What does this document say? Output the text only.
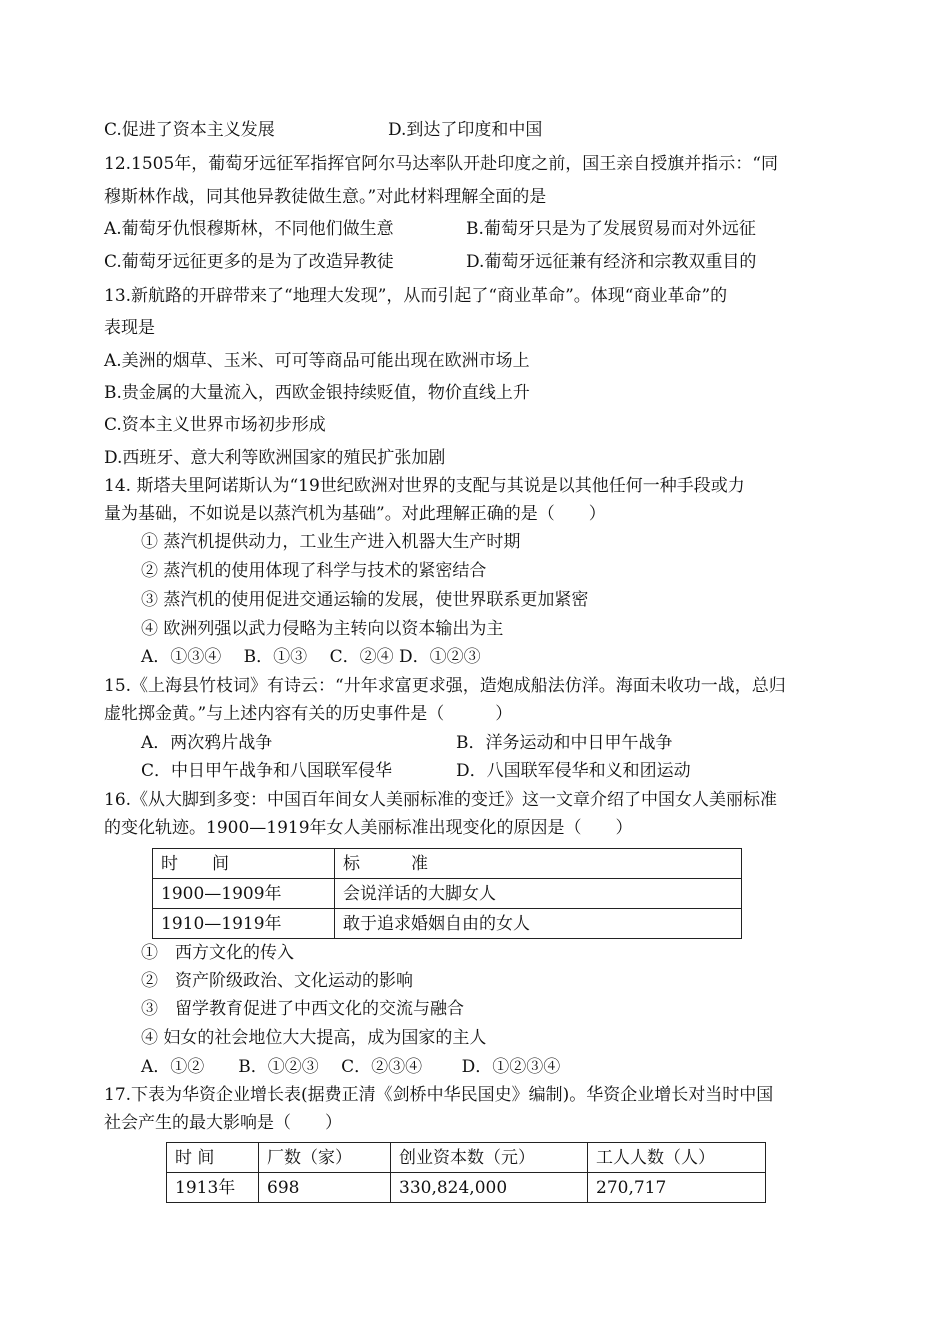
C.促进了资本主义发展	D.到达了印度和中国
12.1505年，葡萄牙远征军指挥官阿尔马达率队开赴印度之前，国王亲自授旗并指示：“同
穆斯林作战，同其他异教徒做生意。”对此材料理解全面的是
A.葡萄牙仇恨穆斯林，不同他们做生意	B.葡萄牙只是为了发展贸易而对外远征
C.葡萄牙远征更多的是为了改造异教徒	D.葡萄牙远征兼有经济和宗教双重目的
13.新航路的开辟带来了“地理大发现”，从而引起了“商业革命”。体现“商业革命”的
表现是
A.美洲的烟草、玉米、可可等商品可能出现在欧洲市场上
B.贵金属的大量流入，西欧金银持续贬值，物价直线上升
C.资本主义世界市场初步形成
D.西班牙、意大利等欧洲国家的殖民扩张加剧
14. 斯塔夫里阿诺斯认为“19世纪欧洲对世界的支配与其说是以其他任何一种手段或力
量为基础，不如说是以蒸汽机为基础”。对此理解正确的是（　　）
① 蒸汽机提供动力，工业生产进入机器大生产时期
② 蒸汽机的使用体现了科学与技术的紧密结合
③ 蒸汽机的使用促进交通运输的发展，使世界联系更加紧密
④ 欧洲列强以武力侵略为主转向以资本输出为主
A．①③④　 B．①③　 C．②④ D．①②③
15.《上海县竹枝词》有诗云：“廾年求富更求强，造炮成船法仿洋。海面未收功一战，总归
虚牝掷金黄。”与上述内容有关的历史事件是（　　　）
A．两次鸦片战争	B．洋务运动和中日甲午战争
C．中日甲午战争和八国联军侵华	D．八国联军侵华和义和团运动
16.《从大脚到多变：中国百年间女人美丽标准的变迁》这一文章介绍了中国女人美丽标准
的变化轨迹。1900—1919年女人美丽标准出现变化的原因是（　　）
时　　间	标　　　准
1900—1909年	会说洋话的大脚女人
1910—1919年	敢于追求婚姻自由的女人
①　西方文化的传入
②　资产阶级政治、文化运动的影响
③　留学教育促进了中西文化的交流与融合
④ 妇女的社会地位大大提高，成为国家的主人
A．①②　　B．①②③　 C．②③④　　 D．①②③④
17.下表为华资企业增长表(据费正清《剑桥中华民国史》编制)。华资企业增长对当时中国
社会产生的最大影响是（　　）
时 间	厂数（家）	创业资本数（元）	工人人数（人）
1913年	698	330,824,000	270,717
